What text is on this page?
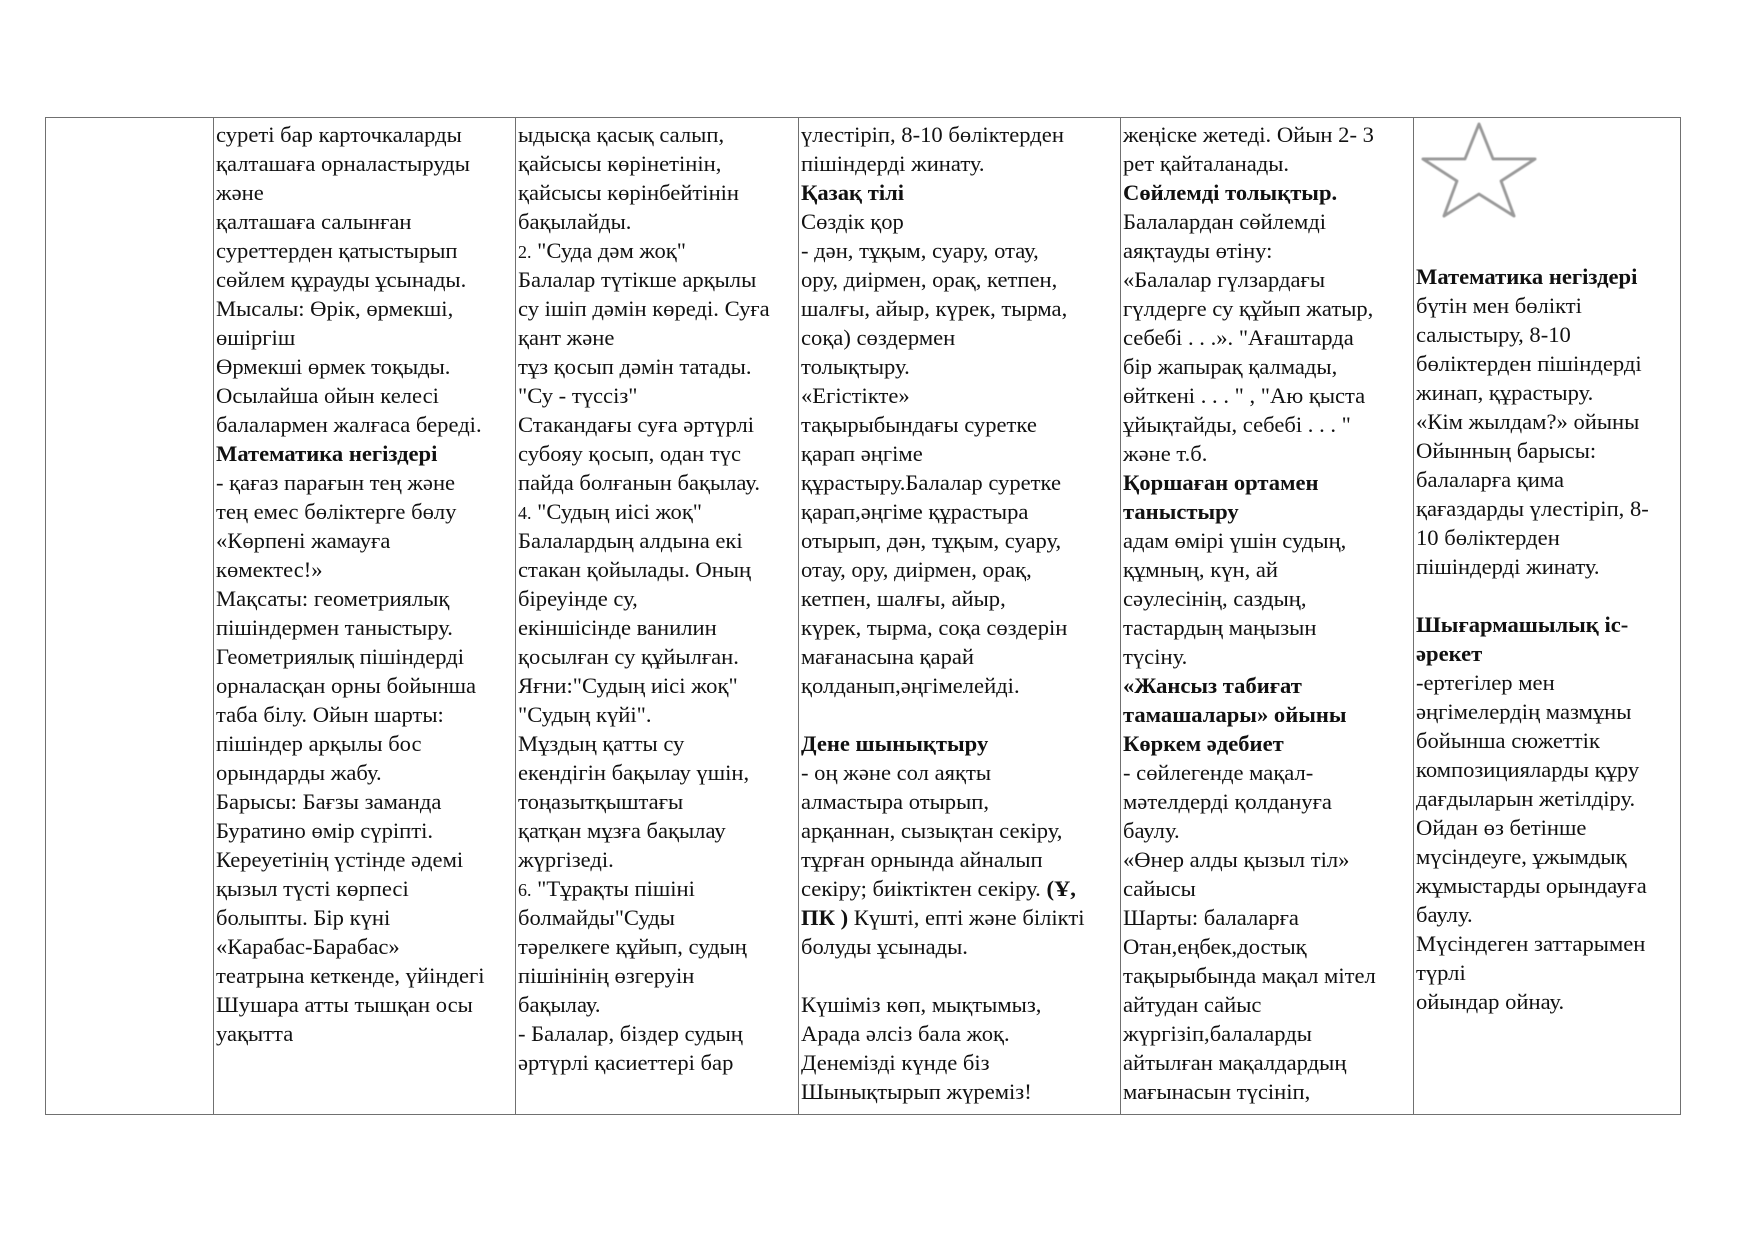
суреті бар карточкаларды
қалташаға орналастыруды
және
қалташаға салынған
суреттерден қатыстырып
сөйлем құрауды ұсынады.
Мысалы: Өрік, өрмекші,
өшіргіш
Өрмекші өрмек тоқыды.
Осылайша ойын келесі
балалармен жалғаса береді.
Математика негіздері
- қағаз парағын тең және
тең емес бөліктерге бөлу
«Көрпені жамауға
көмектес!»
Мақсаты: геометриялық
пішіндермен таныстыру.
Геометриялық пішіндерді
орналасқан орны бойынша
таба білу. Ойын шарты:
пішіндер арқылы бос
орындарды жабу.
Барысы: Бағзы заманда
Буратино өмір сүріпті.
Кереуетінің үстінде әдемі
қызыл түсті көрпесі
болыпты. Бір күні
«Карабас-Барабас»
театрына кеткенде, үйіндегі
Шушара атты тышқан осы
уақытта
ыдысқа қасық салып,
қайсысы көрінетінін,
қайсысы көрінбейтінін
бақылайды.
2. "Суда дәм жоқ"
Балалар түтікше арқылы
су ішіп дәмін көреді. Суға
қант және
тұз қосып дәмін татады.
"Су - түссіз"
Стакандағы суға әртүрлі
субояу қосып, одан түс
пайда болғанын бақылау.
4. "Судың иісі жоқ"
Балалардың алдына екі
стакан қойылады. Оның
біреуінде су,
екіншісінде ванилин
қосылған су құйылған.
Яғни:"Судың иісі жоқ"
"Судың күйі".
Мұздың қатты су
екендігін бақылау үшін,
тоңазытқыштағы
қатқан мұзға бақылау
жүргізеді.
6. "Тұрақты пішіні
болмайды"Суды
тәрелкеге құйып, судың
пішінінің өзгеруін
бақылау.
- Балалар, біздер судың
әртүрлі қасиеттері бар
үлестіріп, 8-10 бөліктерден
пішіндерді жинату.
Қазақ тілі
Сөздік қор
- дән, тұқым, суару, отау,
ору, диірмен, орақ, кетпен,
шалғы, айыр, күрек, тырма,
соқа) сөздермен
толықтыру.
«Егістікте»
тақырыбындағы суретке
қарап әңгіме
құрастыру.Балалар суретке
қарап,әңгіме құрастыра
отырып, дән, тұқым, суару,
отау, ору, диірмен, орақ,
кетпен, шалғы, айыр,
күрек, тырма, соқа сөздерін
мағанасына қарай
қолданып,әңгімелейді.
Дене шынықтыру
- оң және сол аяқты
алмастыра отырып,
арқаннан, сызықтан секіру,
тұрған орнында айналып
секіру; биіктіктен секіру. (Ұ,
ПК ) Күшті, епті және білікті
болуды ұсынады.
Күшіміз көп, мықтымыз,
Арада әлсіз бала жоқ.
Денемізді күнде біз
Шынықтырып жүреміз!
жеңіске жетеді. Ойын 2- 3
рет қайталанады.
Сөйлемді толықтыр.
Балалардан сөйлемді
аяқтауды өтіну:
«Балалар гүлзардағы
гүлдерге су құйып жатыр,
себебі . . .». "Ағаштарда
бір жапырақ қалмады,
өйткені . . . " , "Аю қыста
ұйықтайды, себебі . . . "
және т.б.
Қоршаған ортамен
таныстыру
адам өмірі үшін судың,
құмның, күн, ай
сәулесінің, саздың,
тастардың маңызын
түсіну.
«Жансыз табиғат
тамашалары» ойыны
Көркем әдебиет
- сөйлегенде мақал-
мәтелдерді қолдануға
баулу.
«Өнер алды қызыл тіл»
сайысы
Шарты: балаларға
Отан,еңбек,достық
тақырыбында мақал мітел
айтудан сайыс
жүргізіп,балаларды
айтылған мақалдардың
мағынасын түсініп,
Математика негіздері
бүтін мен бөлікті
салыстыру, 8-10
бөліктерден пішіндерді
жинап, құрастыру.
«Кім жылдам?» ойыны
Ойынның барысы:
балаларға қима
қағаздарды үлестіріп, 8-
10 бөліктерден
пішіндерді жинату.
Шығармашылық іс-
әрекет
-ертегілер мен
әңгімелердің мазмұны
бойынша сюжеттік
композицияларды құру
дағдыларын жетілдіру.
Ойдан өз бетінше
мүсіндеуге, ұжымдық
жұмыстарды орындауға
баулу.
Мүсіндеген заттарымен
түрлі
ойындар ойнау.
